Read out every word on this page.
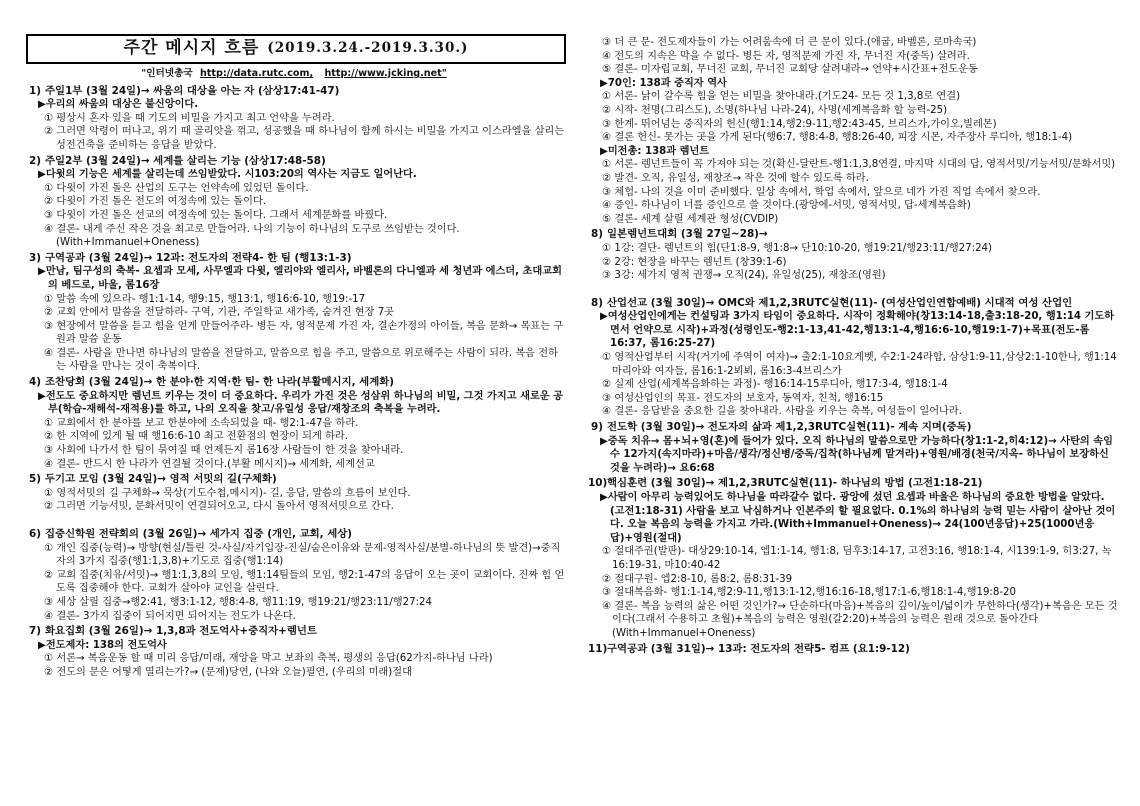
주간 메시지 흐름 (2019.3.24.-2019.3.30.)
"인터넷총국 http://data.rutc.com, http://www.jcking.net"
1) 주일1부 (3월 24일)→ 싸움의 대상을 아는 자 (삼상17:41-47)
▶우리의 싸움의 대상은 불신앙이다.
① 평상시 혼자 있을 때 기도의 비밀을 가지고 최고 언약을 누려라.
② 그러면 악령이 떠나고, 위기 때 골리앗을 꺾고, 성공했을 때 하나님이 함께 하시는 비밀을 가지고 이스라엘을 살리는 성전건축을 준비하는 응답을 받았다.
2) 주일2부 (3월 24일)→ 세계를 살리는 기능 (삼상17:48-58)
▶다윗의 기능은 세계를 살리는데 쓰임받았다. 시103:20의 역사는 지금도 일어난다.
① 다윗이 가진 돌은 산업의 도구는 언약속에 있었던 돌이다.
② 다윗이 가진 돌은 전도의 여정속에 있는 돌이다.
③ 다윗이 가진 돌은 선교의 여정속에 있는 돌이다. 그래서 세계문화를 바꿨다.
④ 결론- 내게 주신 작은 것을 최고로 만들어라. 나의 기능이 하나님의 도구로 쓰임받는 것이다.(With+Immanuel+Oneness)
3) 구역공과 (3월 24일)→ 12과: 전도자의 전략4- 한 팀 (행13:1-3)
▶만남, 팀구성의 축복- 요셉과 모세, 사무엘과 다윗, 엘리야와 엘리사, 바벨론의 다니엘과 세 청년과 에스더, 초대교회의 베드로, 바울, 롬16장
① 말씀 속에 있으라- 행1:1-14, 행9:15, 행13:1, 행16:6-10, 행19:-17
② 교회 안에서 말씀을 전달하라- 구역, 기관, 주일학교 새가족, 숨겨진 현장 7곳
③ 현장에서 말씀을 듣고 힘을 얻게 만들어주라- 병든 자, 영적문제 가진 자, 결손가정의 아이들, 복음 문화→ 목표는 구원과 말씀 운동
④ 결론- 사람을 만나면 하나님의 말씀을 전달하고, 말씀으로 힘을 주고, 말씀으로 위로해주는 사람이 되라. 복음 전하는 사람을 만나는 것이 축복이다.
4) 조찬당회 (3월 24일)→ 한 분야·한 지역·한 팀- 한 나라(부활메시지, 세계화)
▶전도도 중요하지만 렘넌트 키우는 것이 더 중요하다. 우리가 가진 것은 성삼위 하나님의 비밀, 그것 가지고 새로운 공부(학습-재해석-재적용)를 하고, 나의 오직을 찾고/유일성 응답/재창조의 축복을 누려라.
① 교회에서 한 분야를 보고 한분야에 소속되었을 때- 행2:1-47을 하라.
② 한 지역에 있게 될 때 행16:6-10 최고 전환점의 현장이 되게 하라.
③ 사회에 나가서 한 팀이 묶여질 때 언제든지 롬16장 사람들이 한 것을 찾아내라.
④ 결론- 반드시 한 나라가 연결될 것이다.(부활 메시지)→ 세계화, 세계선교
5) 두기고 모임 (3월 24일)→ 영적 서밋의 길(구체화)
① 영적서밋의 길 구체화→ 묵상(기도수첩,메시지)- 길, 응답, 말씀의 흐름이 보인다.
② 그러면 기능서밋, 문화서밋이 연결되어오고, 다시 돌아서 영적서밋으로 간다.
6) 집중신학원 전략회의 (3월 26일)→ 세가지 집중 (개인, 교회, 세상)
① 개인 집중(능력)→ 방향(현실/틀린 것-사실/자기입장-진실/숨은이유와 문제-영적사실/분별-하나님의 뜻 발견)→중직자의 3가지 집중(행1:1,3,8)+기도로 집중(행1:14)
② 교회 집중(치유/서밋)→ 행1:1,3,8의 모임, 행1:14팀들의 모임, 행2:1-47의 응답이 오는 곳이 교회이다. 진짜 힘 얻도록 집중해야 한다. 교회가 살아야 교인을 살린다.
③ 세상 살릴 집중→행2:41, 행3:1-12, 행8:4-8, 행11:19, 행19:21/행23:11/행27:24
④ 결론- 3가지 집중이 되어지면 되어지는 전도가 나온다.
7) 화요집회 (3월 26일)→ 1,3,8과 전도억사+중직자+렘넌트
▶전도제자: 138의 전도억사
① 서론→ 복음운동 할 때 미리 응답/미래, 재앙을 막고 보좌의 축복, 평생의 응답(62가지-하나님 나라)
② 전도의 문은 어떻게 열리는가?→ (문제)당연, (나와 오늘)필연, (우리의 미래)절대
③ 더 큰 문- 전도제자들이 가는 어려움속에 더 큰 문이 있다.(애굽, 바벨론, 로마속국)
④ 전도의 지속은 막을 수 없다- 병든 자, 영적문제 가진 자, 무너진 자(중독) 살려라.
⑤ 결론- 미자립교회, 무너진 교회, 무너진 교회당 살려내라→ 언약+시간표+전도운동
▶70인: 138과 중직자 역사
① 서론- 낡이 갈수록 힘을 얻는 비밀을 찾아내라.(기도24- 모든 것 1,3,8로 연결)
② 시작- 천명(그리스도), 소명(하나님 나라-24), 사명(세계복음화 할 능력-25)
③ 한계- 뛰어넘는 중직자의 헌신(행1:14,행2:9-11,행2:43-45, 브리스가,가이오,빌레몬)
④ 결론 헌신- 못가는 곳을 가게 된다(행6:7, 행8:4-8, 행8:26-40, 피장 시몬, 자주장사 루디아, 행18:1-4)
▶미전총: 138과 렘넌트
① 서론- 렘넌트들이 꼭 가져야 되는 것(확신-달란트-행1:1,3,8연결, 마지막 시대의 답, 영적서밋/기능서밋/문화서밋)
② 발견- 오직, 유일성, 재창조→ 작은 것에 할수 있도록 하라.
③ 체험- 나의 것을 이미 준비했다. 일상 속에서, 학업 속에서, 앞으로 네가 가진 직업 속에서 찾으라.
④ 증인- 하나님이 너를 증인으로 쓸 것이다.(광앙에-서밋, 영적서밋, 답-세계복음화)
⑤ 결론- 세계 살릴 세계관 형성(CVDIP)
8) 일본렘넌트대회 (3월 27일~28)→
① 1강: 결단- 렘넌트의 힘(단1:8-9, 행1:8→ 단10:10-20, 행19:21/행23:11/행27:24)
② 2강: 현장을 바꾸는 렘넌트 (창39:1-6)
③ 3강: 세가지 영적 권쟁→ 오직(24), 유일성(25), 재창조(영원)
8) 산업선교 (3월 30일)→ OMC와 제1,2,3RUTC실현(11)- (여성산업인연합예배) 시대적 여성 산업인
▶여성산업인에게는 컨설팅과 3가지 타임이 중요하다. 시작이 정확해야(창13:14-18,출3:18-20, 행1:14 기도하면서 언약으로 시작)+과정(성령인도-행2:1-13,41-42,행13:1-4,행16:6-10,행19:1-7)+목표(전도-롬16:37, 롬16:25-27)
① 영적산업부터 시작(거기에 주역이 여자)→ 출2:1-10요게벳, 수2:1-24라합, 삼상1:9-11,삼상2:1-10한나, 행1:14마리아와 여자들, 롬16:1-2뵈뵈, 롬16:3-4브리스가
② 실제 산업(세계복음화하는 과정)- 행16:14-15루디아, 행17:3-4, 행18:1-4
③ 여성산업인의 목표- 전도자의 보호자, 동역자, 친척, 행16:15
④ 결론- 응답받을 중요한 길을 찾아내라. 사람을 키우는 축복, 여성들이 일어나라.
9) 전도학 (3월 30일)→ 전도자의 삶과 제1,2,3RUTC실현(11)- 계속 지며(중독)
▶중독 치유→ 몸+뇌+영(혼)에 들어가 있다. 오직 하나님의 말씀으로만 가능하다(창1:1-2,히4:12)→ 사탄의 속임수 12가지(속지마라)+마음/생각/정신병/중독/집착(하나님께 맡겨라)+영원/배경(천국/지옥- 하나님이 보장하신 것을 누려라)→ 요6:68
10)핵심훈련 (3월 30일)→ 제1,2,3RUTC실현(11)- 하나님의 방법 (고전1:18-21)
▶사람이 아무리 능력있어도 하나님을 따라갈수 없다. 광앙에 섰던 요셉과 바울은 하나님의 중요한 방법을 알았다.(고전1:18-31) 사람을 보고 낙심하거나 인본주의 할 필요없다. 0.1%의 하나님의 능력 믿는 사람이 살아난 것이다. 오늘 복음의 능력을 가지고 가라.(With+Immanuel+Oneness)→ 24(100년응답)+25(1000년응답)+영원(절대)
① 절대주권(발판)- 대상29:10-14, 엡1:1-14, 행1:8, 딤후3:14-17, 고전3:16, 행18:1-4, 시139:1-9, 히3:27, 녹16:19-31, 마10:40-42
② 절대구원- 엡2:8-10, 롬8:2, 롬8:31-39
③ 절대복음화- 행1:1-14,행2:9-11,행13:1-12,행16:16-18,행17:1-6,행18:1-4,행19:8-20
④ 결론- 복음 능력의 삶은 어떤 것인가?→ 단순하다(마음)+복음의 깊이/높이/넓이가 무한하다(생각)+복음은 모든 것이다(그래서 수용하고 초월)+복음의 능력은 영원(갈2:20)+복음의 능력은 원래 것으로 돌아간다(With+Immanuel+Oneness)
11)구역공과 (3월 31일)→ 13과: 전도자의 전략5- 컴프 (요1:9-12)
